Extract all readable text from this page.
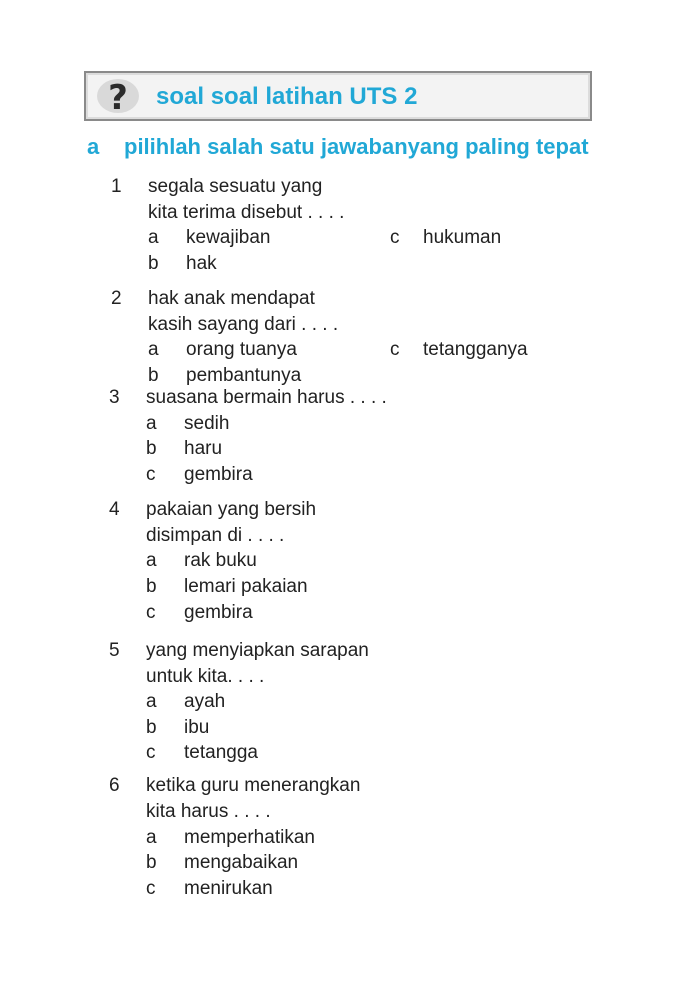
? soal soal latihan UTS 2
a pilihlah salah satu jawabanyang paling tepat
1 segala sesuatu yang
kita terima disebut . . . .
a kewajiban	c hukuman
b hak
2 hak anak mendapat
kasih sayang dari . . . .
a orang tuanya	c tetangganya
b pembantunya
3 suasana bermain harus . . . .
a sedih
b haru
c gembira
4 pakaian yang bersih
disimpan di . . . .
a rak buku
b lemari pakaian
c gembira
5 yang menyiapkan sarapan
untuk kita. . . .
a ayah
b ibu
c tetangga
6 ketika guru menerangkan
kita harus . . . .
a memperhatikan
b mengabaikan
c menirukan
